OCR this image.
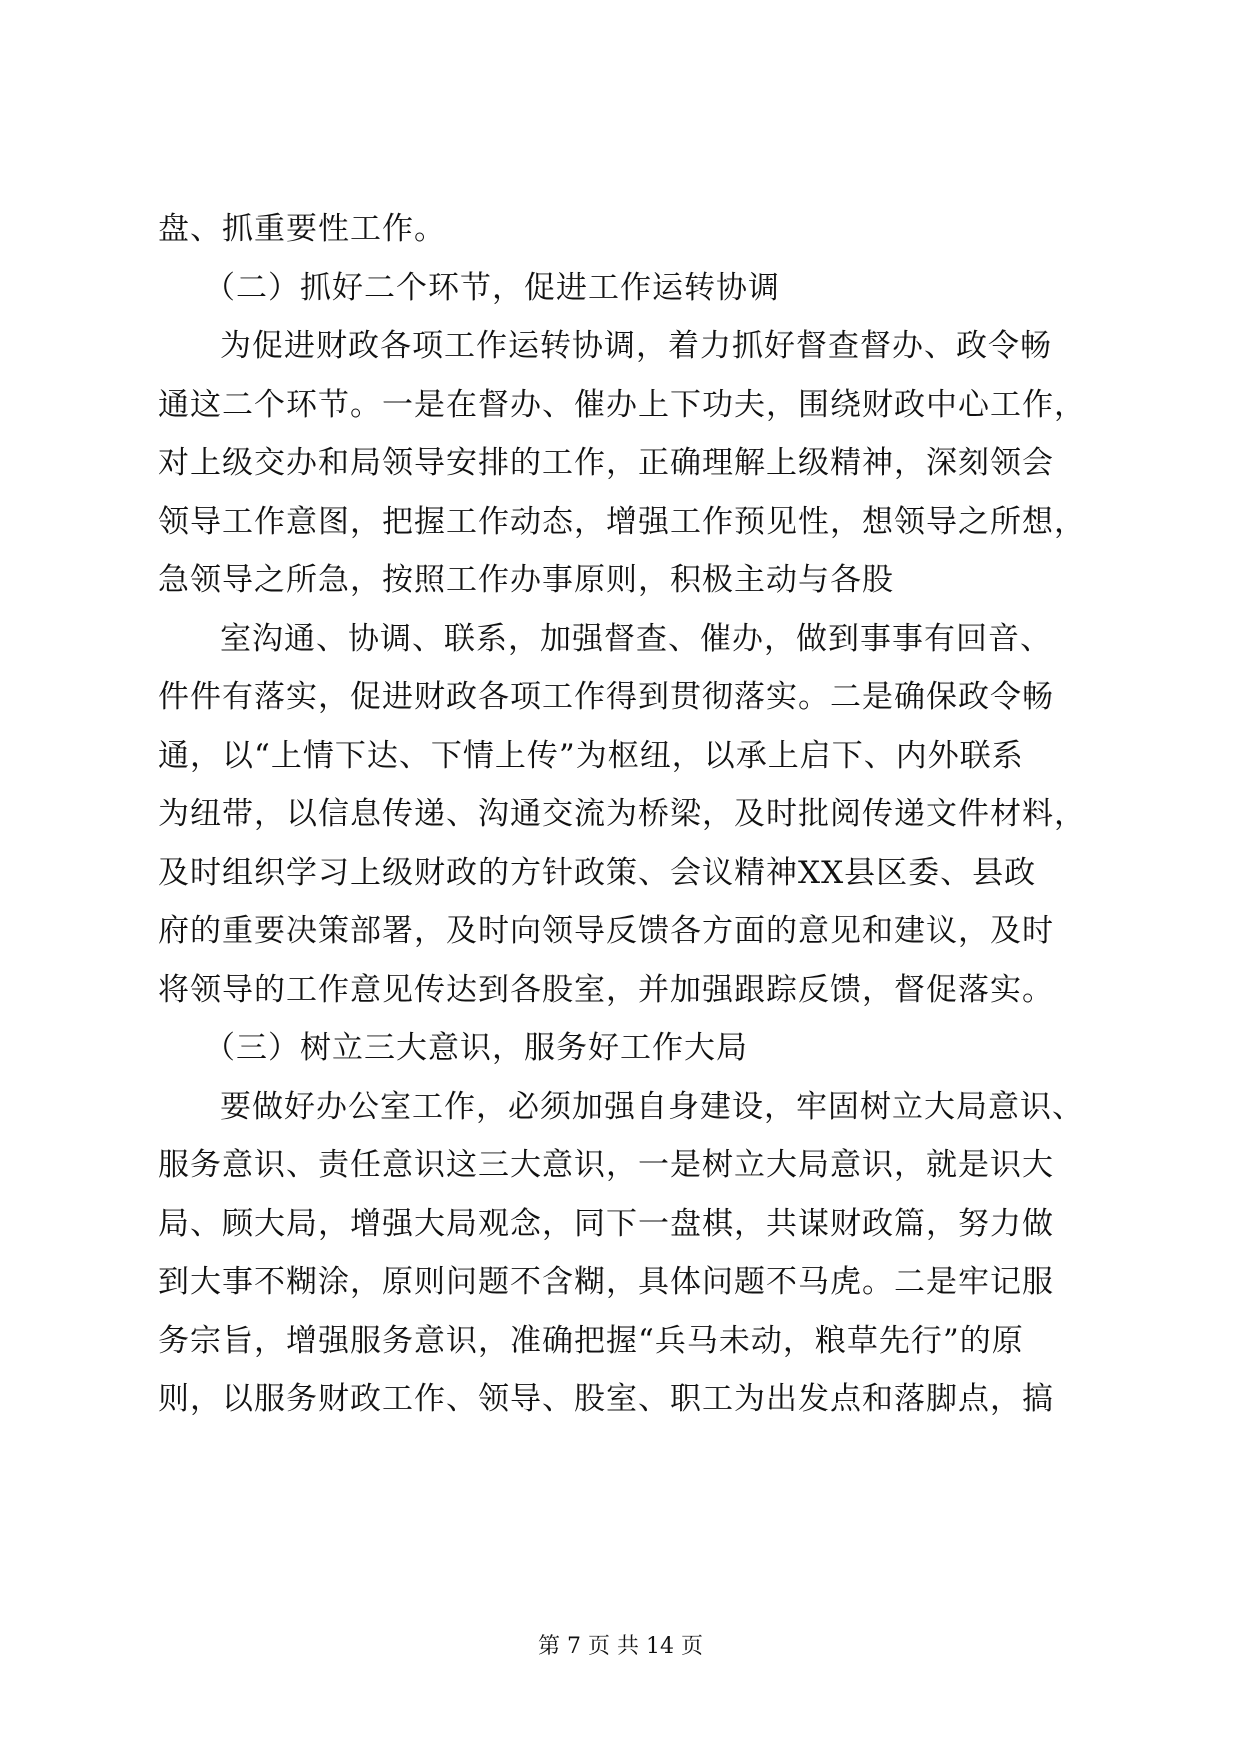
盘、抓重要性工作。
（二）抓好二个环节，促进工作运转协调
为促进财政各项工作运转协调，着力抓好督查督办、政令畅
通这二个环节。一是在督办、催办上下功夫，围绕财政中心工作，
对上级交办和局领导安排的工作，正确理解上级精神，深刻领会
领导工作意图，把握工作动态，增强工作预见性，想领导之所想，
急领导之所急，按照工作办事原则，积极主动与各股
室沟通、协调、联系，加强督查、催办，做到事事有回音、
件件有落实，促进财政各项工作得到贯彻落实。二是确保政令畅
通，以“上情下达、下情上传”为枢纽，以承上启下、内外联系
为纽带，以信息传递、沟通交流为桥梁，及时批阅传递文件材料，
及时组织学习上级财政的方针政策、会议精神XX县区委、县政
府的重要决策部署，及时向领导反馈各方面的意见和建议，及时
将领导的工作意见传达到各股室，并加强跟踪反馈，督促落实。
（三）树立三大意识，服务好工作大局
要做好办公室工作，必须加强自身建设，牢固树立大局意识、
服务意识、责任意识这三大意识，一是树立大局意识，就是识大
局、顾大局，增强大局观念，同下一盘棋，共谋财政篇，努力做
到大事不糊涂，原则问题不含糊，具体问题不马虎。二是牢记服
务宗旨，增强服务意识，准确把握“兵马未动，粮草先行”的原
则，以服务财政工作、领导、股室、职工为出发点和落脚点，搞
第 7 页 共 14 页
